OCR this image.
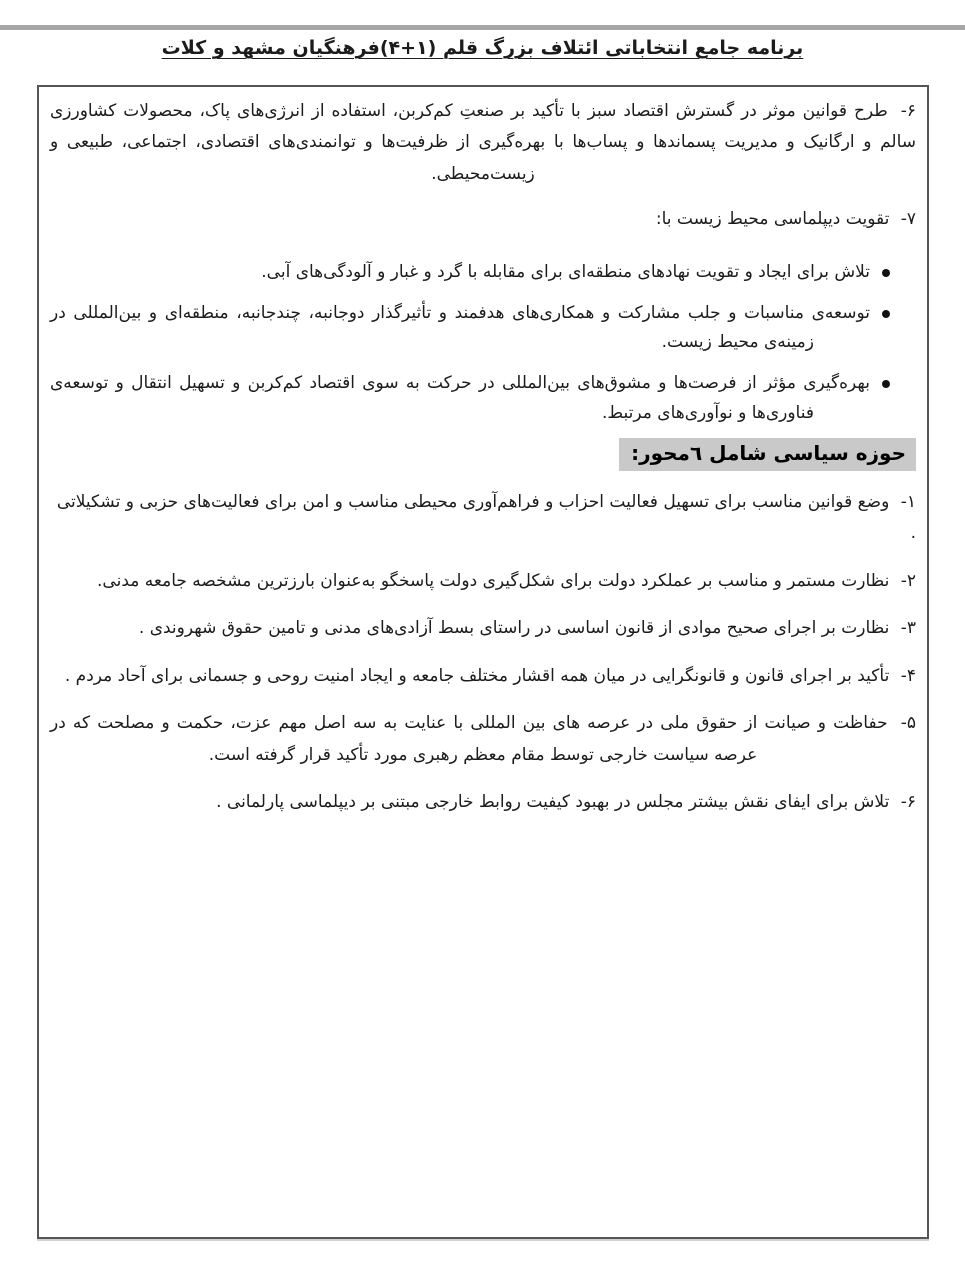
برنامه جامع انتخاباتی ائتلاف بزرگ قلم (۱+۴)فرهنگیان مشهد و کلات

۶- طرح قوانین موثر در گسترش اقتصاد سبز با تأکید بر صنعتِ کم‌کربن، استفاده از انرژی‌های پاک، محصولات کشاورزی سالم و ارگانیک و مدیریت پسماندها و پساب‌ها با بهره‌گیری از ظرفیت‌ها و توانمندی‌های اقتصادی، اجتماعی، طبیعی و زیست‌محیطی.

۷- تقویت دیپلماسی محیط زیست با:

تلاش برای ایجاد و تقویت نهادهای منطقه‌ای برای مقابله با گرد و غبار و آلودگی‌های آبی.
توسعه‌ی مناسبات و جلب مشارکت و همکاری‌های هدفمند و تأثیرگذار دوجانبه، چندجانبه، منطقه‌ای و بین‌المللی در زمینه‌ی محیط زیست.
بهره‌گیری مؤثر از فرصت‌ها و مشوق‌های بین‌المللی در حرکت به سوی اقتصاد کم‌کربن و تسهیل انتقال و توسعه‌ی فناوری‌ها و نوآوری‌های مرتبط.
حوزه سیاسی شامل ٦محور:

۱- وضع قوانین مناسب برای تسهیل فعالیت احزاب و فراهم‌آوری محیطی مناسب و امن برای فعالیت‌های حزبی و تشکیلاتی .

۲- نظارت مستمر و مناسب بر عملکرد دولت برای شکل‌گیری دولت پاسخگو به‌عنوان بارزترین مشخصه جامعه مدنی.

۳- نظارت بر اجرای صحیح موادی از قانون اساسی در راستای بسط آزادی‌های مدنی و تامین حقوق شهروندی .

۴- تأکید بر اجرای قانون و قانونگرایی در میان همه اقشار مختلف جامعه و ایجاد امنیت روحی و جسمانی برای آحاد مردم .

۵- حفاظت و صیانت از حقوق ملی در عرصه های بین المللی با عنایت به سه اصل مهم عزت، حکمت و مصلحت که در عرصه سیاست خارجی توسط مقام معظم رهبری مورد تأکید قرار گرفته است.

۶- تلاش برای ایفای نقش بیشتر مجلس در بهبود کیفیت روابط خارجی مبتنی بر دیپلماسی پارلمانی .
